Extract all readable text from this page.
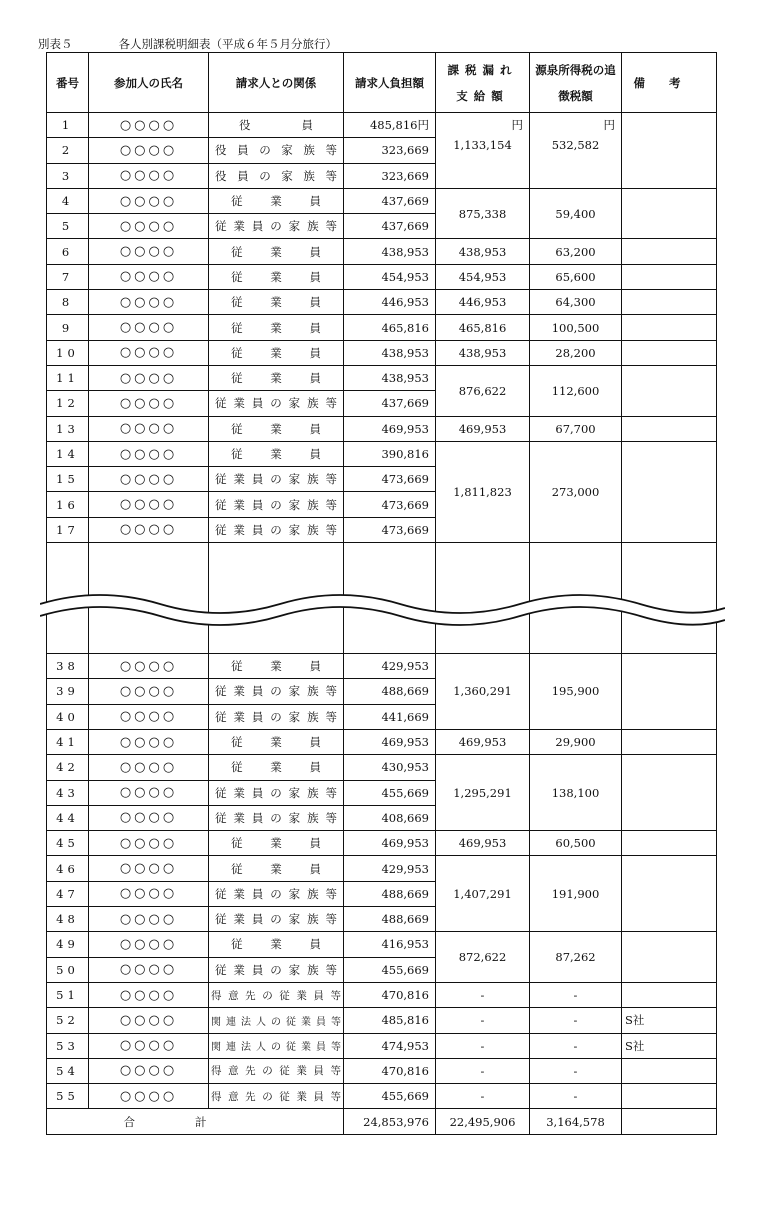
別表５	各人別課税明細表（平成６年５月分旅行）
番号	参加人の氏名	請求人との関係	請求人負担額	課税漏れ支給額	源泉所得税の追徴税額	備考
1	○○○○	役員	485,816円	円	円	
2	○○○○	役員の家族等	323,669	1,133,154	532,582	
3	○○○○	役員の家族等	323,669			
4	○○○○	従業員	437,669	875,338	59,400	
5	○○○○	従業員の家族等	437,669			
6	○○○○	従業員	438,953	438,953	63,200	
7	○○○○	従業員	454,953	454,953	65,600	
8	○○○○	従業員	446,953	446,953	64,300	
9	○○○○	従業員	465,816	465,816	100,500	
10	○○○○	従業員	438,953	438,953	28,200	
11	○○○○	従業員	438,953	876,622	112,600	
12	○○○○	従業員の家族等	437,669			
13	○○○○	従業員	469,953	469,953	67,700	
14	○○○○	従業員	390,816	1,811,823	273,000	
15	○○○○	従業員の家族等	473,669			
16	○○○○	従業員の家族等	473,669			
17	○○○○	従業員の家族等	473,669			

38	○○○○	従業員	429,953	1,360,291	195,900	
39	○○○○	従業員の家族等	488,669			
40	○○○○	従業員の家族等	441,669			
41	○○○○	従業員	469,953	469,953	29,900	
42	○○○○	従業員	430,953	1,295,291	138,100	
43	○○○○	従業員の家族等	455,669			
44	○○○○	従業員の家族等	408,669			
45	○○○○	従業員	469,953	469,953	60,500	
46	○○○○	従業員	429,953	1,407,291	191,900	
47	○○○○	従業員の家族等	488,669			
48	○○○○	従業員の家族等	488,669			
49	○○○○	従業員	416,953	872,622	87,262	
50	○○○○	従業員の家族等	455,669			
51	○○○○	得意先の従業員等	470,816	-	-	
52	○○○○	関連法人の従業員等	485,816	-	-	S社
53	○○○○	関連法人の従業員等	474,953	-	-	S社
54	○○○○	得意先の従業員等	470,816	-	-	
55	○○○○	得意先の従業員等	455,669	-	-	
合計			24,853,976	22,495,906	3,164,578	
